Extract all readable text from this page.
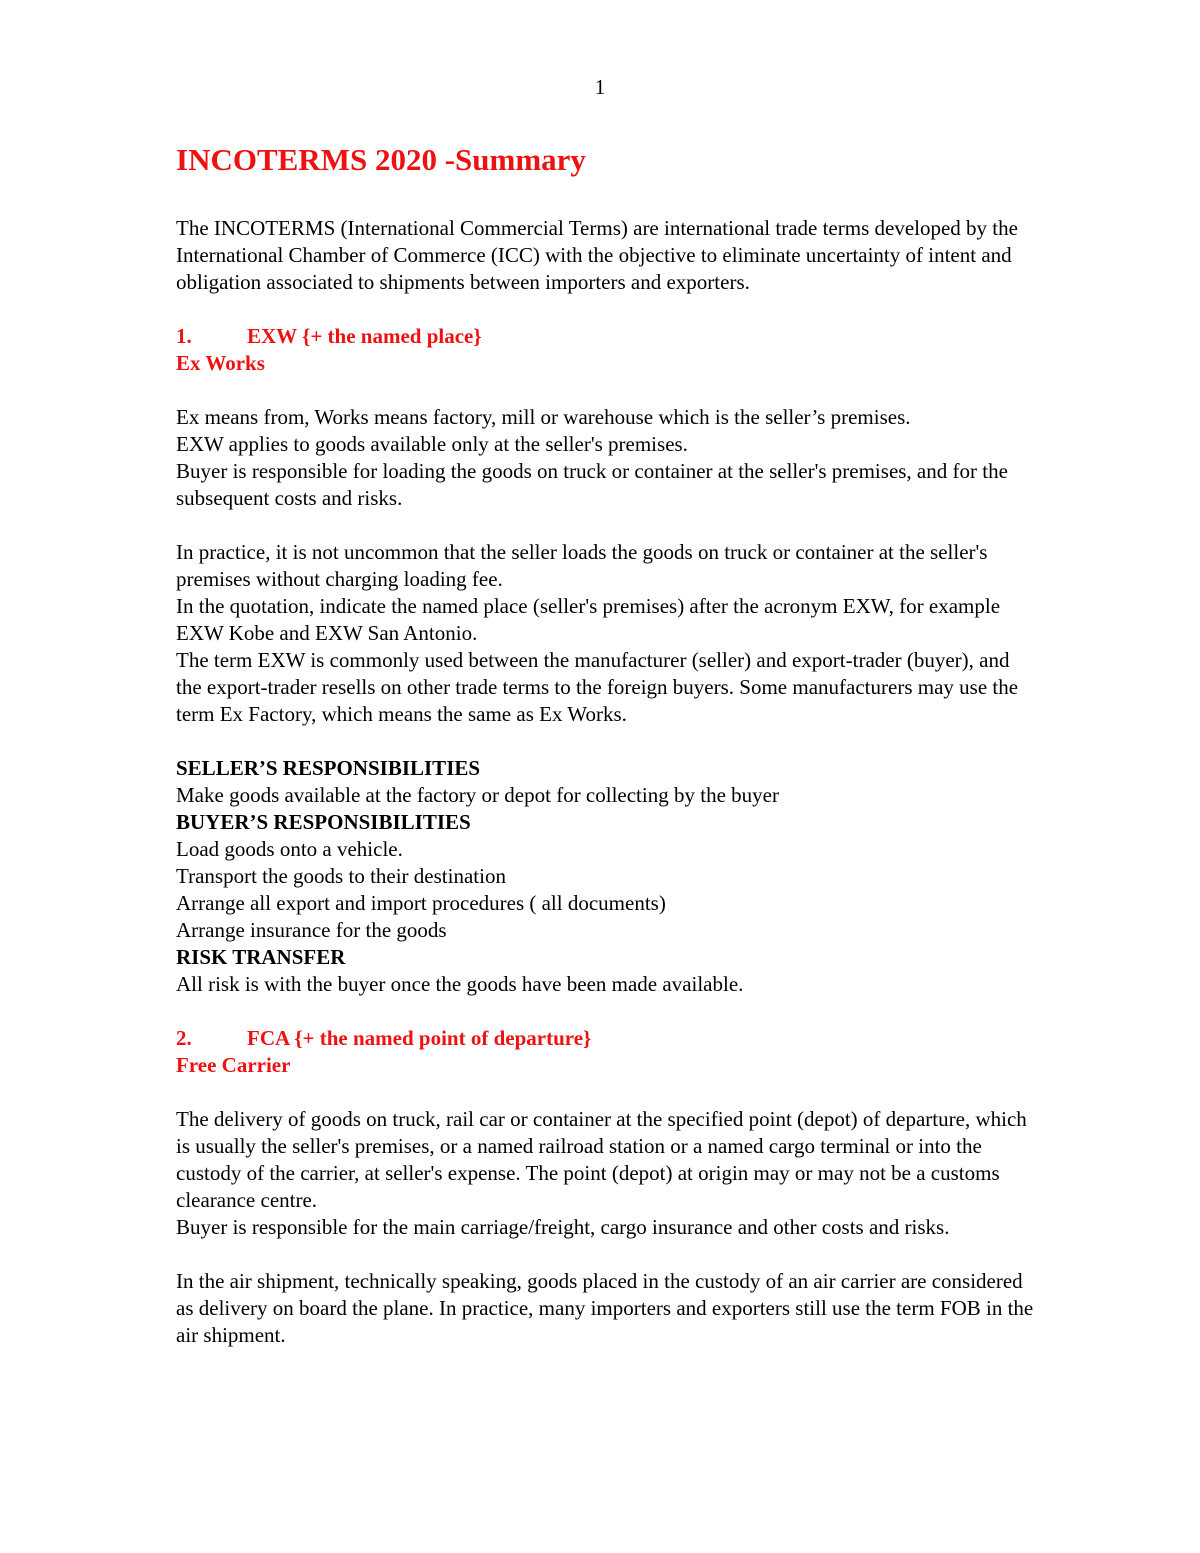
1
INCOTERMS 2020 -Summary

The INCOTERMS (International Commercial Terms) are international trade terms developed by the International Chamber of Commerce (ICC) with the objective to eliminate uncertainty of intent and obligation associated to shipments between importers and exporters.

1.	EXW {+ the named place}

Ex Works

Ex means from, Works means factory, mill or warehouse which is the seller’s premises.

EXW applies to goods available only at the seller's premises.

Buyer is responsible for loading the goods on truck or container at the seller's premises, and for the subsequent costs and risks.

In practice, it is not uncommon that the seller loads the goods on truck or container at the seller's premises without charging loading fee.

In the quotation, indicate the named place (seller's premises) after the acronym EXW, for example EXW Kobe and EXW San Antonio.

The term EXW is commonly used between the manufacturer (seller) and export-trader (buyer), and the export-trader resells on other trade terms to the foreign buyers. Some manufacturers may use the term Ex Factory, which means the same as Ex Works.

SELLER’S RESPONSIBILITIES

Make goods available at the factory or depot for collecting by the buyer

BUYER’S RESPONSIBILITIES

Load goods onto a vehicle.

Transport the goods to their destination

Arrange all export and import procedures ( all documents)

Arrange insurance for the goods

RISK TRANSFER

All risk is with the buyer once the goods have been made available.

2.	FCA {+ the named point of departure}

Free Carrier

The delivery of goods on truck, rail car or container at the specified point (depot) of departure, which is usually the seller's premises, or a named railroad station or a named cargo terminal or into the custody of the carrier, at seller's expense. The point (depot) at origin may or may not be a customs clearance centre.

Buyer is responsible for the main carriage/freight, cargo insurance and other costs and risks.

In the air shipment, technically speaking, goods placed in the custody of an air carrier are considered as delivery on board the plane. In practice, many importers and exporters still use the term FOB in the air shipment.
